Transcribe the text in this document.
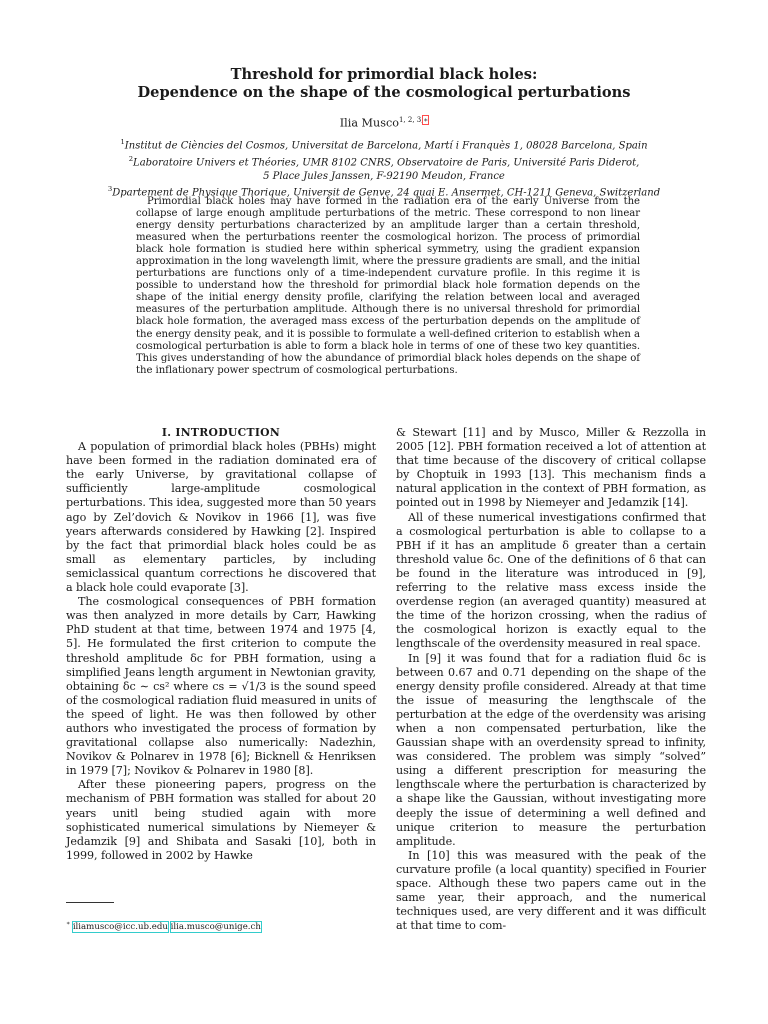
Threshold for primordial black holes:
Dependence on the shape of the cosmological perturbations
Ilia Musco$^{1, 2, 3,∗}$
$^1$Institut de Ciències del Cosmos, Universitat de Barcelona, Martí i Franquès 1, 08028 Barcelona, Spain
$^2$Laboratoire Univers et Théories, UMR 8102 CNRS, Observatoire de Paris, Université Paris Diderot,
5 Place Jules Janssen, F-92190 Meudon, France
$^3$Dpartement de Physique Thorique, Universit de Genve, 24 quai E. Ansermet, CH-1211 Geneva, Switzerland

Primordial black holes may have formed in the radiation era of the early Universe from the collapse of large enough amplitude perturbations of the metric. These correspond to non linear energy density perturbations characterized by an amplitude larger than a certain threshold, measured when the perturbations reenter the cosmological horizon. The process of primordial black hole formation is studied here within spherical symmetry, using the gradient expansion approximation in the long wavelength limit, where the pressure gradients are small, and the initial perturbations are functions only of a time-independent curvature profile. In this regime it is possible to understand how the threshold for primordial black hole formation depends on the shape of the initial energy density profile, clarifying the relation between local and averaged measures of the perturbation amplitude. Although there is no universal threshold for primordial black hole formation, the averaged mass excess of the perturbation depends on the amplitude of the energy density peak, and it is possible to formulate a well-defined criterion to establish when a cosmological perturbation is able to form a black hole in terms of one of these two key quantities. This gives understanding of how the abundance of primordial black holes depends on the shape of the inflationary power spectrum of cosmological perturbations.

I. INTRODUCTION

A population of primordial black holes (PBHs) might have been formed in the radiation dominated era of the early Universe, by gravitational collapse of sufficiently large-amplitude cosmological perturbations. This idea, suggested more than 50 years ago by Zel’dovich & Novikov in 1966 [1], was five years afterwards considered by Hawking [2]. Inspired by the fact that primordial black holes could be as small as elementary particles, by including semiclassical quantum corrections he discovered that a black hole could evaporate [3].

The cosmological consequences of PBH formation was then analyzed in more details by Carr, Hawking PhD student at that time, between 1974 and 1975 [4, 5]. He formulated the first criterion to compute the threshold amplitude δc for PBH formation, using a simplified Jeans length argument in Newtonian gravity, obtaining δc ∼ cs² where cs = √1/3 is the sound speed of the cosmological radiation fluid measured in units of the speed of light. He was then followed by other authors who investigated the process of formation by gravitational collapse also numerically: Nadezhin, Novikov & Polnarev in 1978 [6]; Bicknell & Henriksen in 1979 [7]; Novikov & Polnarev in 1980 [8].

After these pioneering papers, progress on the mechanism of PBH formation was stalled for about 20 years unitl being studied again with more sophisticated numerical simulations by Niemeyer & Jedamzik [9] and Shibata and Sasaki [10], both in 1999, followed in 2002 by Hawke

& Stewart [11] and by Musco, Miller & Rezzolla in 2005 [12]. PBH formation received a lot of attention at that time because of the discovery of critical collapse by Choptuik in 1993 [13]. This mechanism finds a natural application in the context of PBH formation, as pointed out in 1998 by Niemeyer and Jedamzik [14].

All of these numerical investigations confirmed that a cosmological perturbation is able to collapse to a PBH if it has an amplitude δ greater than a certain threshold value δc. One of the definitions of δ that can be found in the literature was introduced in [9], referring to the relative mass excess inside the overdense region (an averaged quantity) measured at the time of the horizon crossing, when the radius of the cosmological horizon is exactly equal to the lengthscale of the overdensity measured in real space.

In [9] it was found that for a radiation fluid δc is between 0.67 and 0.71 depending on the shape of the energy density profile considered. Already at that time the issue of measuring the lengthscale of the perturbation at the edge of the overdensity was arising when a non compensated perturbation, like the Gaussian shape with an overdensity spread to infinity, was considered. The problem was simply “solved” using a different prescription for measuring the lengthscale where the perturbation is characterized by a shape like the Gaussian, without investigating more deeply the issue of determining a well defined and unique criterion to measure the perturbation amplitude.

In [10] this was measured with the peak of the curvature profile (a local quantity) specified in Fourier space. Although these two papers came out in the same year, their approach, and the numerical techniques used, are very different and it was difficult at that time to com-

∗ iliamusco@icc.ub.edu ilia.musco@unige.ch
